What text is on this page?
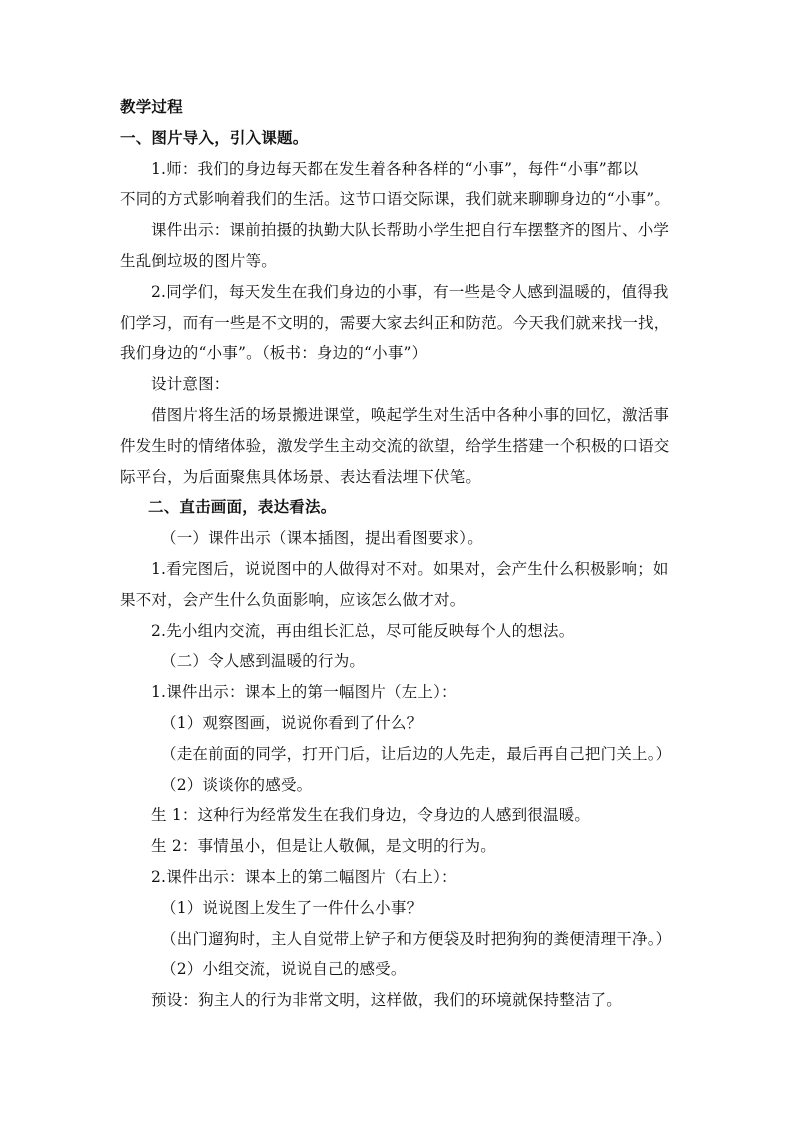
教学过程
一、图片导入，引入课题。
1.师：我们的身边每天都在发生着各种各样的“小事”，每件“小事”都以
不同的方式影响着我们的生活。这节口语交际课，我们就来聊聊身边的“小事”。
课件出示：课前拍摄的执勤大队长帮助小学生把自行车摆整齐的图片、小学
生乱倒垃圾的图片等。
2.同学们，每天发生在我们身边的小事，有一些是令人感到温暖的，值得我
们学习，而有一些是不文明的，需要大家去纠正和防范。今天我们就来找一找，
我们身边的“小事”。（板书：身边的“小事”）
设计意图：
借图片将生活的场景搬进课堂，唤起学生对生活中各种小事的回忆，激活事
件发生时的情绪体验，激发学生主动交流的欲望，给学生搭建一个积极的口语交
际平台，为后面聚焦具体场景、表达看法埋下伏笔。
二、直击画面，表达看法。
（一）课件出示（课本插图，提出看图要求）。
1.看完图后，说说图中的人做得对不对。如果对，会产生什么积极影响；如
果不对，会产生什么负面影响，应该怎么做才对。
2.先小组内交流，再由组长汇总，尽可能反映每个人的想法。
（二）令人感到温暖的行为。
1.课件出示：课本上的第一幅图片（左上）：
（1）观察图画，说说你看到了什么？
（走在前面的同学，打开门后，让后边的人先走，最后再自己把门关上。）
（2）谈谈你的感受。
生 1：这种行为经常发生在我们身边，令身边的人感到很温暖。
生 2：事情虽小，但是让人敬佩，是文明的行为。
2.课件出示：课本上的第二幅图片（右上）：
（1）说说图上发生了一件什么小事？
（出门遛狗时，主人自觉带上铲子和方便袋及时把狗狗的粪便清理干净。）
（2）小组交流，说说自己的感受。
预设：狗主人的行为非常文明，这样做，我们的环境就保持整洁了。
